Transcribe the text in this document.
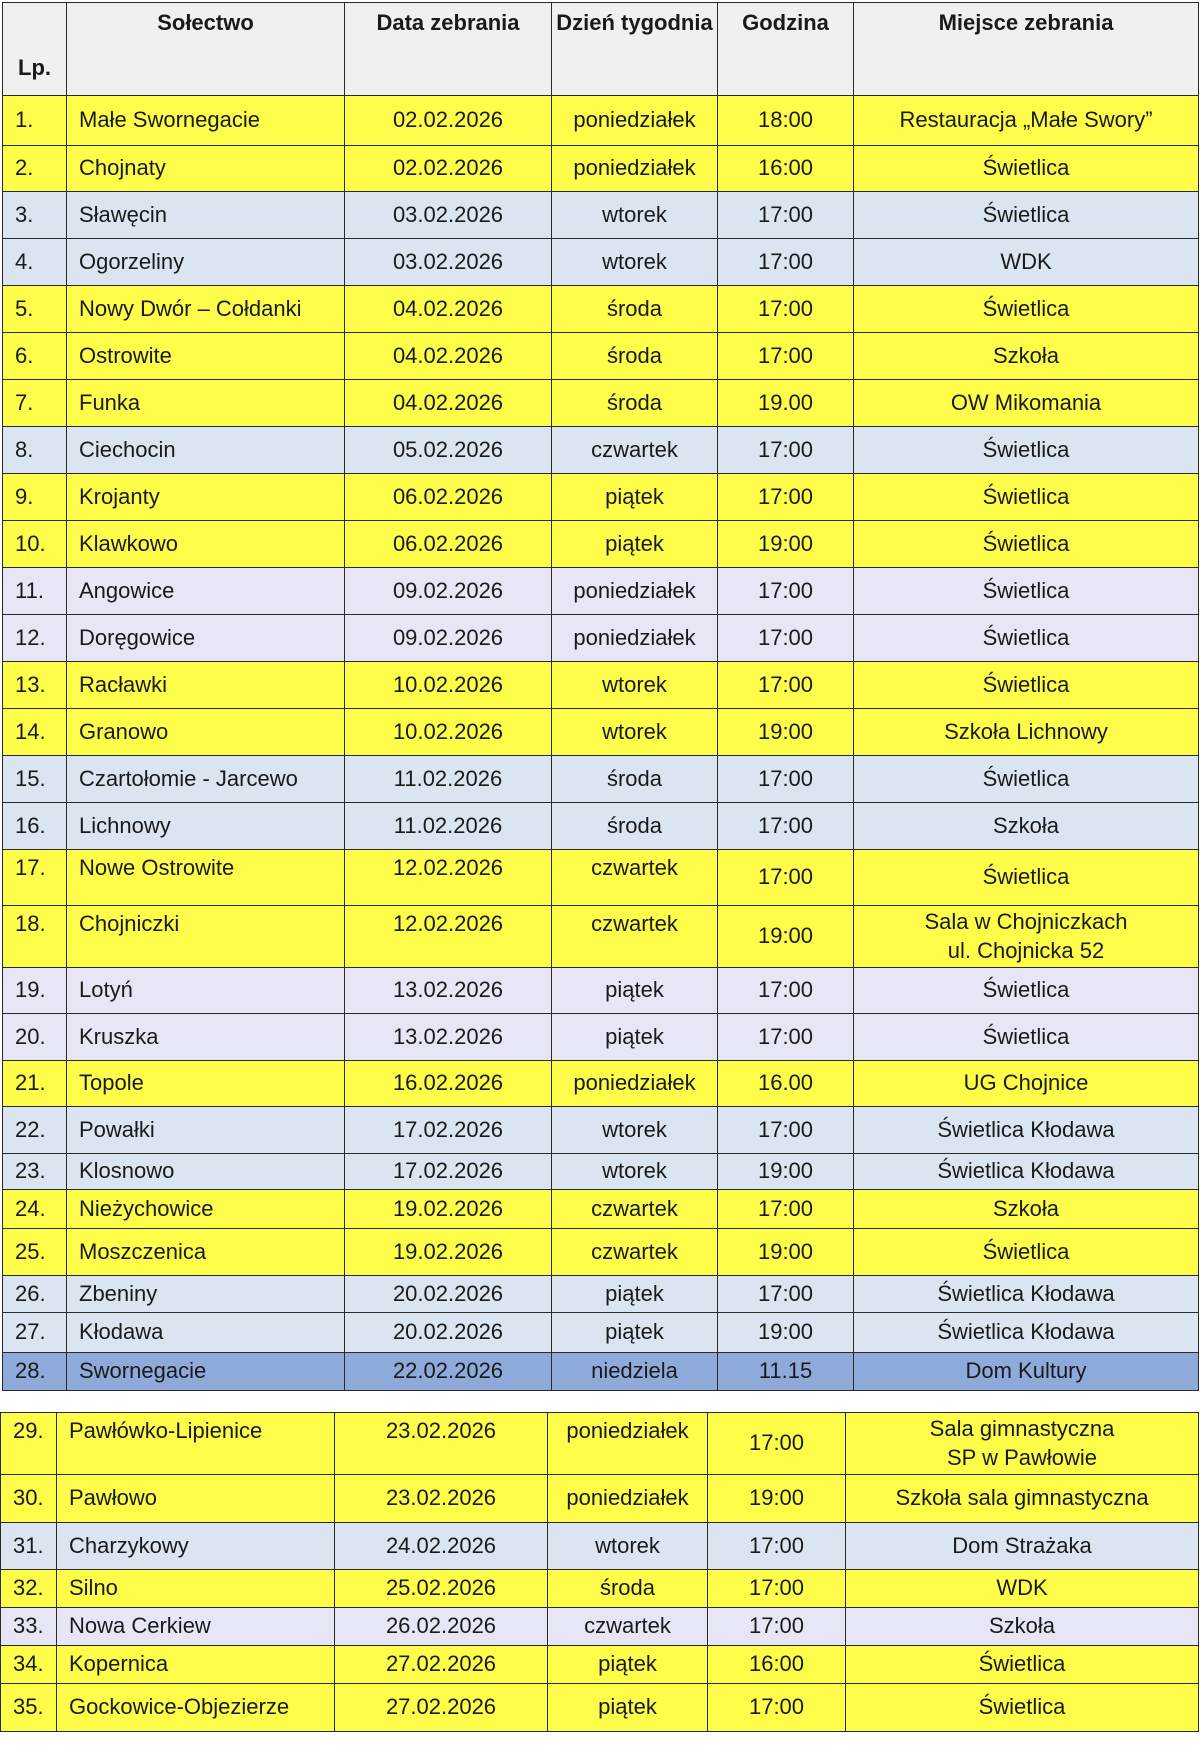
Lp.	Sołectwo	Data zebrania	Dzień tygodnia	Godzina	Miejsce zebrania
1.	Małe Swornegacie	02.02.2026	poniedziałek	18:00	Restauracja „Małe Swory”

2.	Chojnaty	02.02.2026	poniedziałek	16:00	Świetlica

3.	Sławęcin	03.02.2026	wtorek	17:00	Świetlica

4.	Ogorzeliny	03.02.2026	wtorek	17:00	WDK

5.	Nowy Dwór – Cołdanki	04.02.2026	środa	17:00	Świetlica

6.	Ostrowite	04.02.2026	środa	17:00	Szkoła

7.	Funka	04.02.2026	środa	19.00	OW Mikomania

8.	Ciechocin	05.02.2026	czwartek	17:00	Świetlica

9.	Krojanty	06.02.2026	piątek	17:00	Świetlica

10.	Klawkowo	06.02.2026	piątek	19:00	Świetlica

11.	Angowice	09.02.2026	poniedziałek	17:00	Świetlica

12.	Doręgowice	09.02.2026	poniedziałek	17:00	Świetlica

13.	Racławki	10.02.2026	wtorek	17:00	Świetlica

14.	Granowo	10.02.2026	wtorek	19:00	Szkoła Lichnowy

15.	Czartołomie - Jarcewo	11.02.2026	środa	17:00	Świetlica

16.	Lichnowy	11.02.2026	środa	17:00	Szkoła

17.	Nowe Ostrowite	12.02.2026	czwartek	17:00	Świetlica

18.	Chojniczki	12.02.2026	czwartek	19:00	Sala w Chojniczkach
ul. Chojnicka 52

19.	Lotyń	13.02.2026	piątek	17:00	Świetlica

20.	Kruszka	13.02.2026	piątek	17:00	Świetlica

21.	Topole	16.02.2026	poniedziałek	16.00	UG Chojnice

22.	Powałki	17.02.2026	wtorek	17:00	Świetlica Kłodawa

23.	Klosnowo	17.02.2026	wtorek	19:00	Świetlica Kłodawa

24.	Nieżychowice	19.02.2026	czwartek	17:00	Szkoła

25.	Moszczenica	19.02.2026	czwartek	19:00	Świetlica

26.	Zbeniny	20.02.2026	piątek	17:00	Świetlica Kłodawa

27.	Kłodawa	20.02.2026	piątek	19:00	Świetlica Kłodawa

28.	Swornegacie	22.02.2026	niedziela	11.15	Dom Kultury
29.	Pawłówko-Lipienice	23.02.2026	poniedziałek	17:00	Sala gimnastyczna
SP w Pawłowie

30.	Pawłowo	23.02.2026	poniedziałek	19:00	Szkoła sala gimnastyczna

31.	Charzykowy	24.02.2026	wtorek	17:00	Dom Strażaka

32.	Silno	25.02.2026	środa	17:00	WDK

33.	Nowa Cerkiew	26.02.2026	czwartek	17:00	Szkoła

34.	Kopernica	27.02.2026	piątek	16:00	Świetlica

35.	Gockowice-Objezierze	27.02.2026	piątek	17:00	Świetlica
